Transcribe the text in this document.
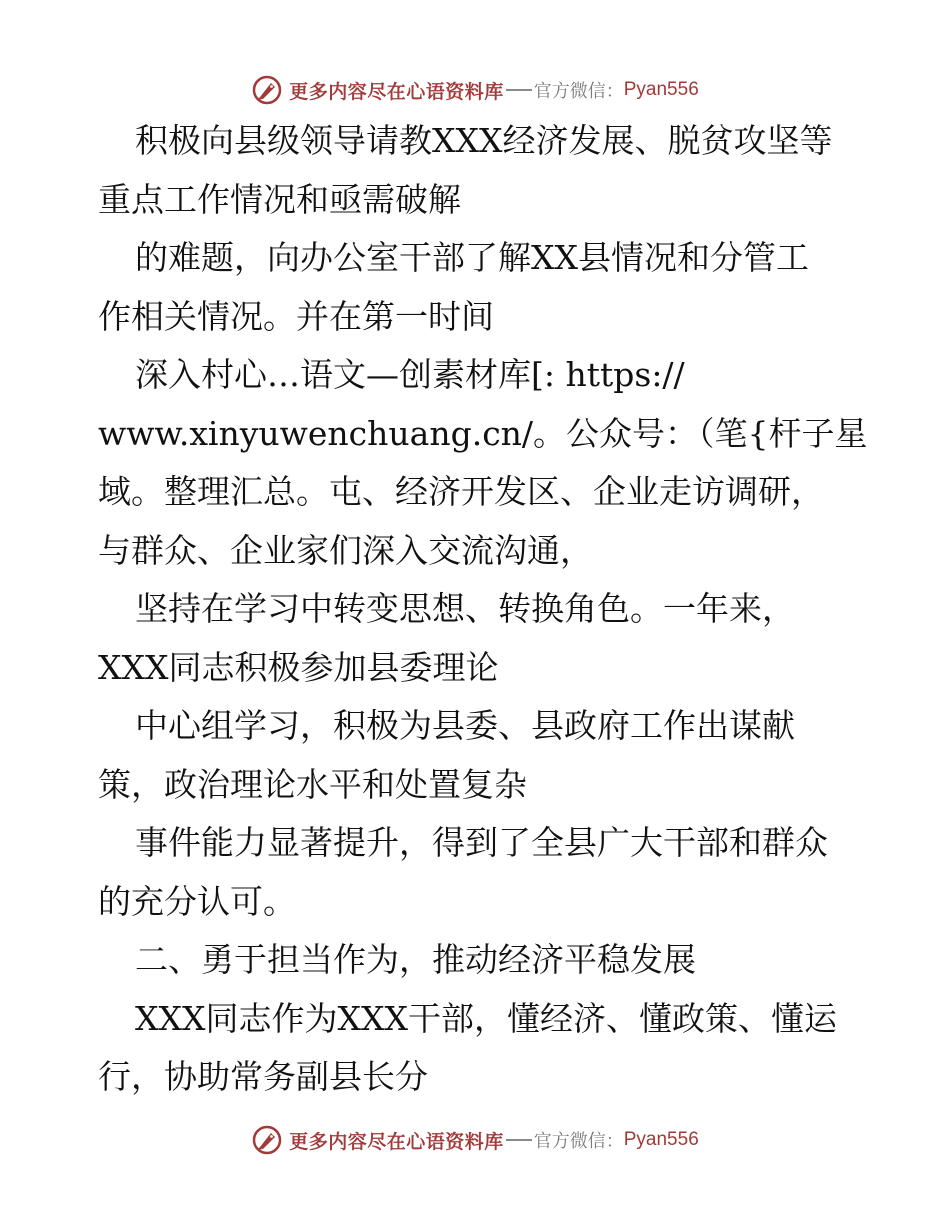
更多内容尽在心语资料库 官方微信： Pyan556
积极向县级领导请教XXX经济发展、脱贫攻坚等
重点工作情况和亟需破解
的难题，向办公室干部了解XX县情况和分管工
作相关情况。并在第一时间
深入村心…语文—创素材库[: https://
www.xinyuwenchuang.cn/。公众号：（笔{杆子星
域。整理汇总。屯、经济开发区、企业走访调研，
与群众、企业家们深入交流沟通，
坚持在学习中转变思想、转换角色。一年来，
XXX同志积极参加县委理论
中心组学习，积极为县委、县政府工作出谋献
策，政治理论水平和处置复杂
事件能力显著提升，得到了全县广大干部和群众
的充分认可。
二、勇于担当作为，推动经济平稳发展
XXX同志作为XXX干部，懂经济、懂政策、懂运
行，协助常务副县长分
更多内容尽在心语资料库 官方微信： Pyan556
